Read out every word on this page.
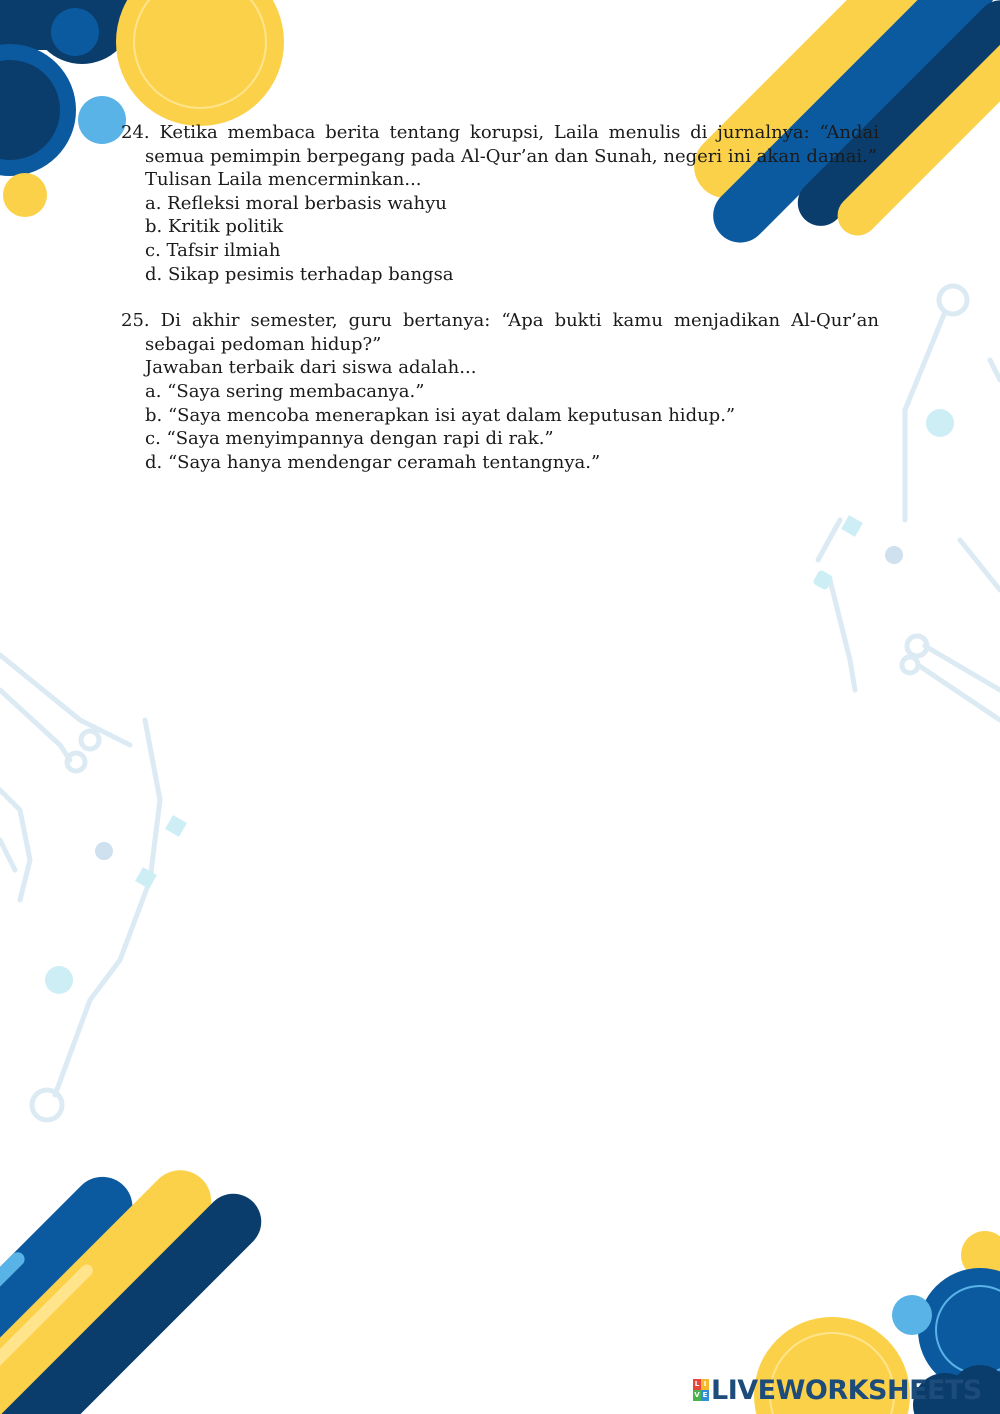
24. Ketika membaca berita tentang korupsi, Laila menulis di jurnalnya: “Andai semua pemimpin berpegang pada Al-Qur’an dan Sunah, negeri ini akan damai.”
Tulisan Laila mencerminkan...
a. Refleksi moral berbasis wahyu
b. Kritik politik
c. Tafsir ilmiah
d. Sikap pesimis terhadap bangsa
25. Di akhir semester, guru bertanya: “Apa bukti kamu menjadikan Al-Qur’an sebagai pedoman hidup?”
Jawaban terbaik dari siswa adalah...
a. “Saya sering membacanya.”
b. “Saya mencoba menerapkan isi ayat dalam keputusan hidup.”
c. “Saya menyimpannya dengan rapi di rak.”
d. “Saya hanya mendengar ceramah tentangnya.”
L I
V E LIVEWORKSHEETS
